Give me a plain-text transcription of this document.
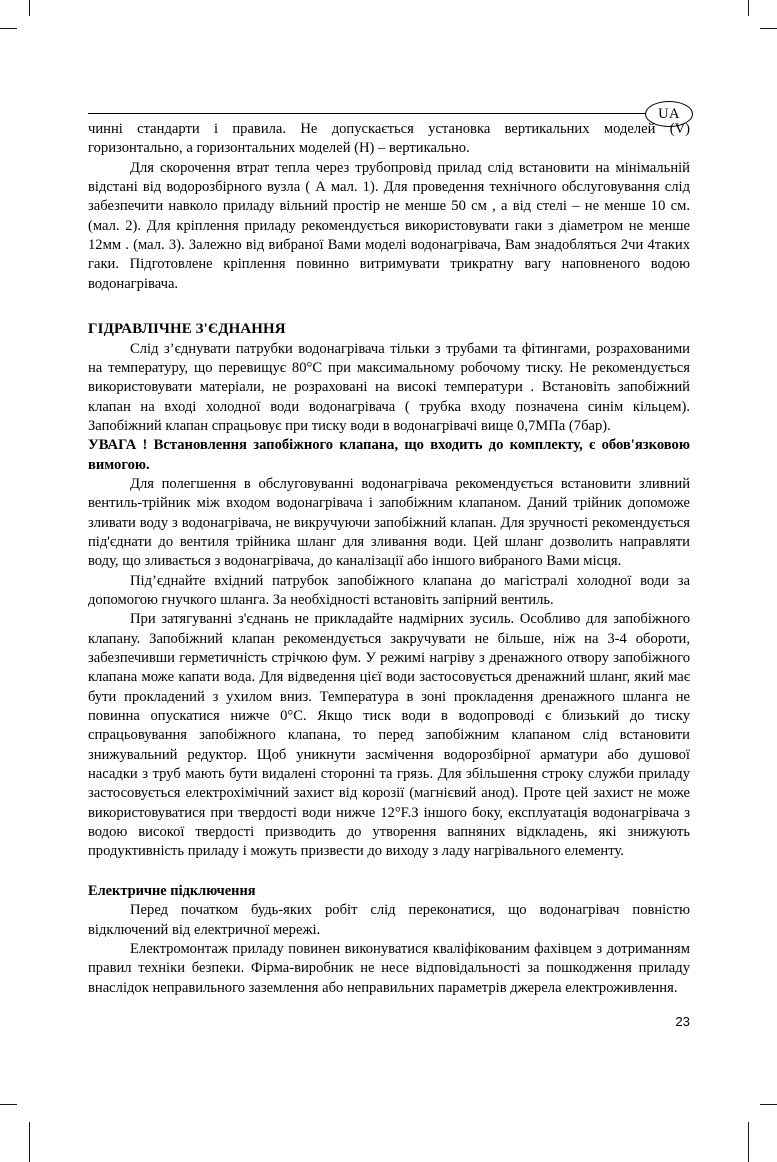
UA

чинні стандарти і правила. Не допускається установка вертикальних моделей (V) горизонтально, а горизонтальних моделей (H) – вертикально.

Для скорочення втрат тепла через трубопровід прилад слід встановити на мінімальній відстані від водорозбірного вузла ( А мал. 1). Для проведення технічного обслуговування слід забезпечити навколо приладу вільний простір не менше 50 см , а від стелі – не менше 10 см. (мал. 2). Для кріплення приладу рекомендується використовувати гаки з діаметром не менше 12мм . (мал. 3). Залежно від вибраної Вами моделі водонагрівача, Вам знадобляться 2чи 4таких гаки. Підготовлене кріплення повинно витримувати трикратну вагу наповненого водою водонагрівача.

ГІДРАВЛІЧНЕ З'ЄДНАННЯ

Слід з’єднувати патрубки водонагрівача тільки з трубами та фітингами, розрахованими на температуру, що перевищує 80°С при максимальному робочому тиску. Не рекомендується використовувати матеріали, не розраховані на високі температури . Встановіть запобіжний клапан на вході холодної води водонагрівача ( трубка входу позначена синім кільцем). Запобіжний клапан спрацьовує при тиску води в водонагрівачі вище 0,7МПа (7бар).

УВАГА ! Встановлення запобіжного клапана, що входить до комплекту, є обов'язковою вимогою.

Для полегшення в обслуговуванні водонагрівача рекомендується встановити зливний вентиль-трійник між входом водонагрівача і запобіжним клапаном. Даний трійник допоможе зливати воду з водонагрівача, не викручуючи запобіжний клапан. Для зручності рекомендується під'єднати до вентиля трійника шланг для зливання води. Цей шланг дозволить направляти воду, що зливається з водонагрівача, до каналізації або іншого вибраного Вами місця.

Під’єднайте вхідний патрубок запобіжного клапана до магістралі холодної води за допомогою гнучкого шланга. За необхідності встановіть запірний вентиль.

При затягуванні з'єднань не прикладайте надмірних зусиль. Особливо для запобіжного клапану. Запобіжний клапан рекомендується закручувати не більше, ніж на 3-4 обороти, забезпечивши герметичність стрічкою фум. У режимі нагріву з дренажного отвору запобіжного клапана може капати вода. Для відведення цієї води застосовується дренажний шланг, який має бути прокладений з ухилом вниз. Температура в зоні прокладення дренажного шланга не повинна опускатися нижче 0°С. Якщо тиск води в водопроводі є близький до тиску спрацьовування запобіжного клапана, то перед запобіжним клапаном слід встановити знижувальний редуктор. Щоб уникнути засмічення водорозбірної арматури або душової насадки з труб мають бути видалені сторонні та грязь. Для збільшення строку служби приладу застосовується електрохімічний захист від корозії (магнієвий анод). Проте цей захист не може використовуватися при твердості води нижче 12°F.З іншого боку, експлуатація водонагрівача з водою високої твердості призводить до утворення вапняних відкладень, які знижують продуктивність приладу і можуть призвести до виходу з ладу нагрівального елементу.

Електричне підключення

Перед початком будь-яких робіт слід переконатися, що водонагрівач повністю відключений від електричної мережі.

Електромонтаж приладу повинен виконуватися кваліфікованим фахівцем з дотриманням правил техніки безпеки. Фірма-виробник не несе відповідальності за пошкодження приладу внаслідок неправильного заземлення або неправильних параметрів джерела електроживлення.

23
